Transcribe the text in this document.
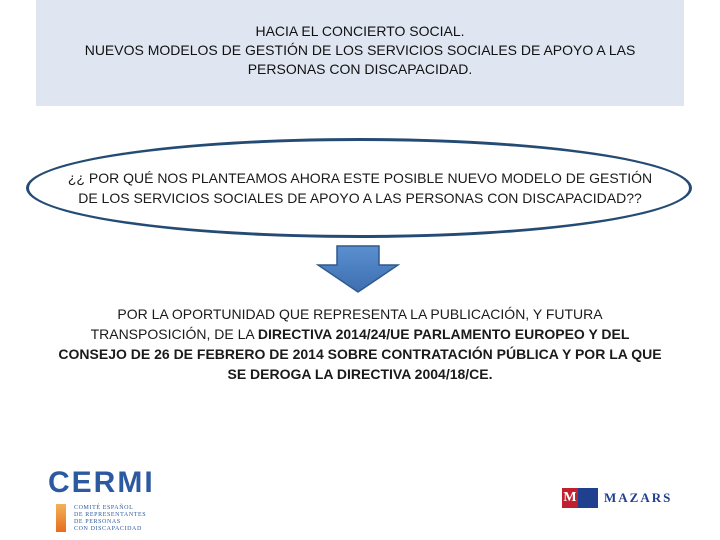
HACIA EL CONCIERTO SOCIAL.
NUEVOS MODELOS DE GESTIÓN DE LOS SERVICIOS SOCIALES DE APOYO A LAS
PERSONAS CON DISCAPACIDAD.
¿¿ POR QUÉ NOS PLANTEAMOS AHORA ESTE POSIBLE NUEVO MODELO DE GESTIÓN
DE LOS SERVICIOS SOCIALES DE APOYO A LAS PERSONAS CON DISCAPACIDAD??
POR LA OPORTUNIDAD QUE REPRESENTA LA PUBLICACIÓN, Y FUTURA
TRANSPOSICIÓN, DE LA DIRECTIVA 2014/24/UE PARLAMENTO EUROPEO Y DEL
CONSEJO DE 26 DE FEBRERO DE 2014 SOBRE CONTRATACIÓN PÚBLICA Y POR LA QUE
SE DEROGA LA DIRECTIVA 2004/18/CE.
CERMI
COMITÉ ESPAÑOL
DE REPRESENTANTES
DE PERSONAS
CON DISCAPACIDAD
M MAZARS
